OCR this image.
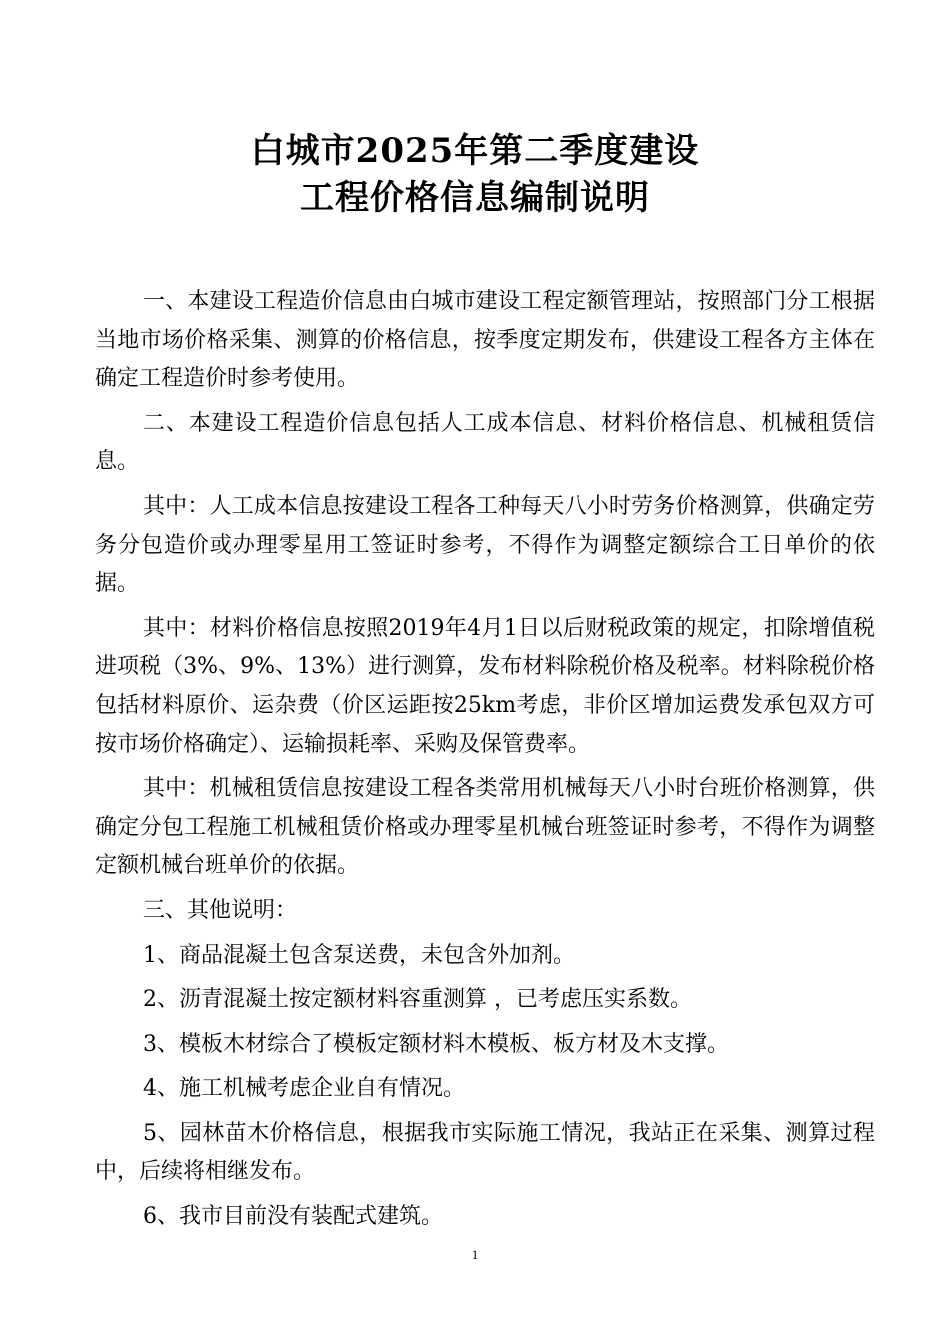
白城市2025年第二季度建设
工程价格信息编制说明

一、本建设工程造价信息由白城市建设工程定额管理站，按照部门分工根据当地市场价格采集、测算的价格信息，按季度定期发布，供建设工程各方主体在确定工程造价时参考使用。

二、本建设工程造价信息包括人工成本信息、材料价格信息、机械租赁信息。

其中：人工成本信息按建设工程各工种每天八小时劳务价格测算，供确定劳务分包造价或办理零星用工签证时参考，不得作为调整定额综合工日单价的依据。

其中：材料价格信息按照2019年4月1日以后财税政策的规定，扣除增值税进项税（3%、9%、13%）进行测算，发布材料除税价格及税率。材料除税价格包括材料原价、运杂费（价区运距按25km考虑，非价区增加运费发承包双方可按市场价格确定）、运输损耗率、采购及保管费率。

其中：机械租赁信息按建设工程各类常用机械每天八小时台班价格测算，供确定分包工程施工机械租赁价格或办理零星机械台班签证时参考，不得作为调整定额机械台班单价的依据。

三、其他说明：

1、商品混凝土包含泵送费，未包含外加剂。

2、沥青混凝土按定额材料容重测算 ，已考虑压实系数。

3、模板木材综合了模板定额材料木模板、板方材及木支撑。

4、施工机械考虑企业自有情况。

5、园林苗木价格信息，根据我市实际施工情况，我站正在采集、测算过程中，后续将相继发布。

6、我市目前没有装配式建筑。

1
